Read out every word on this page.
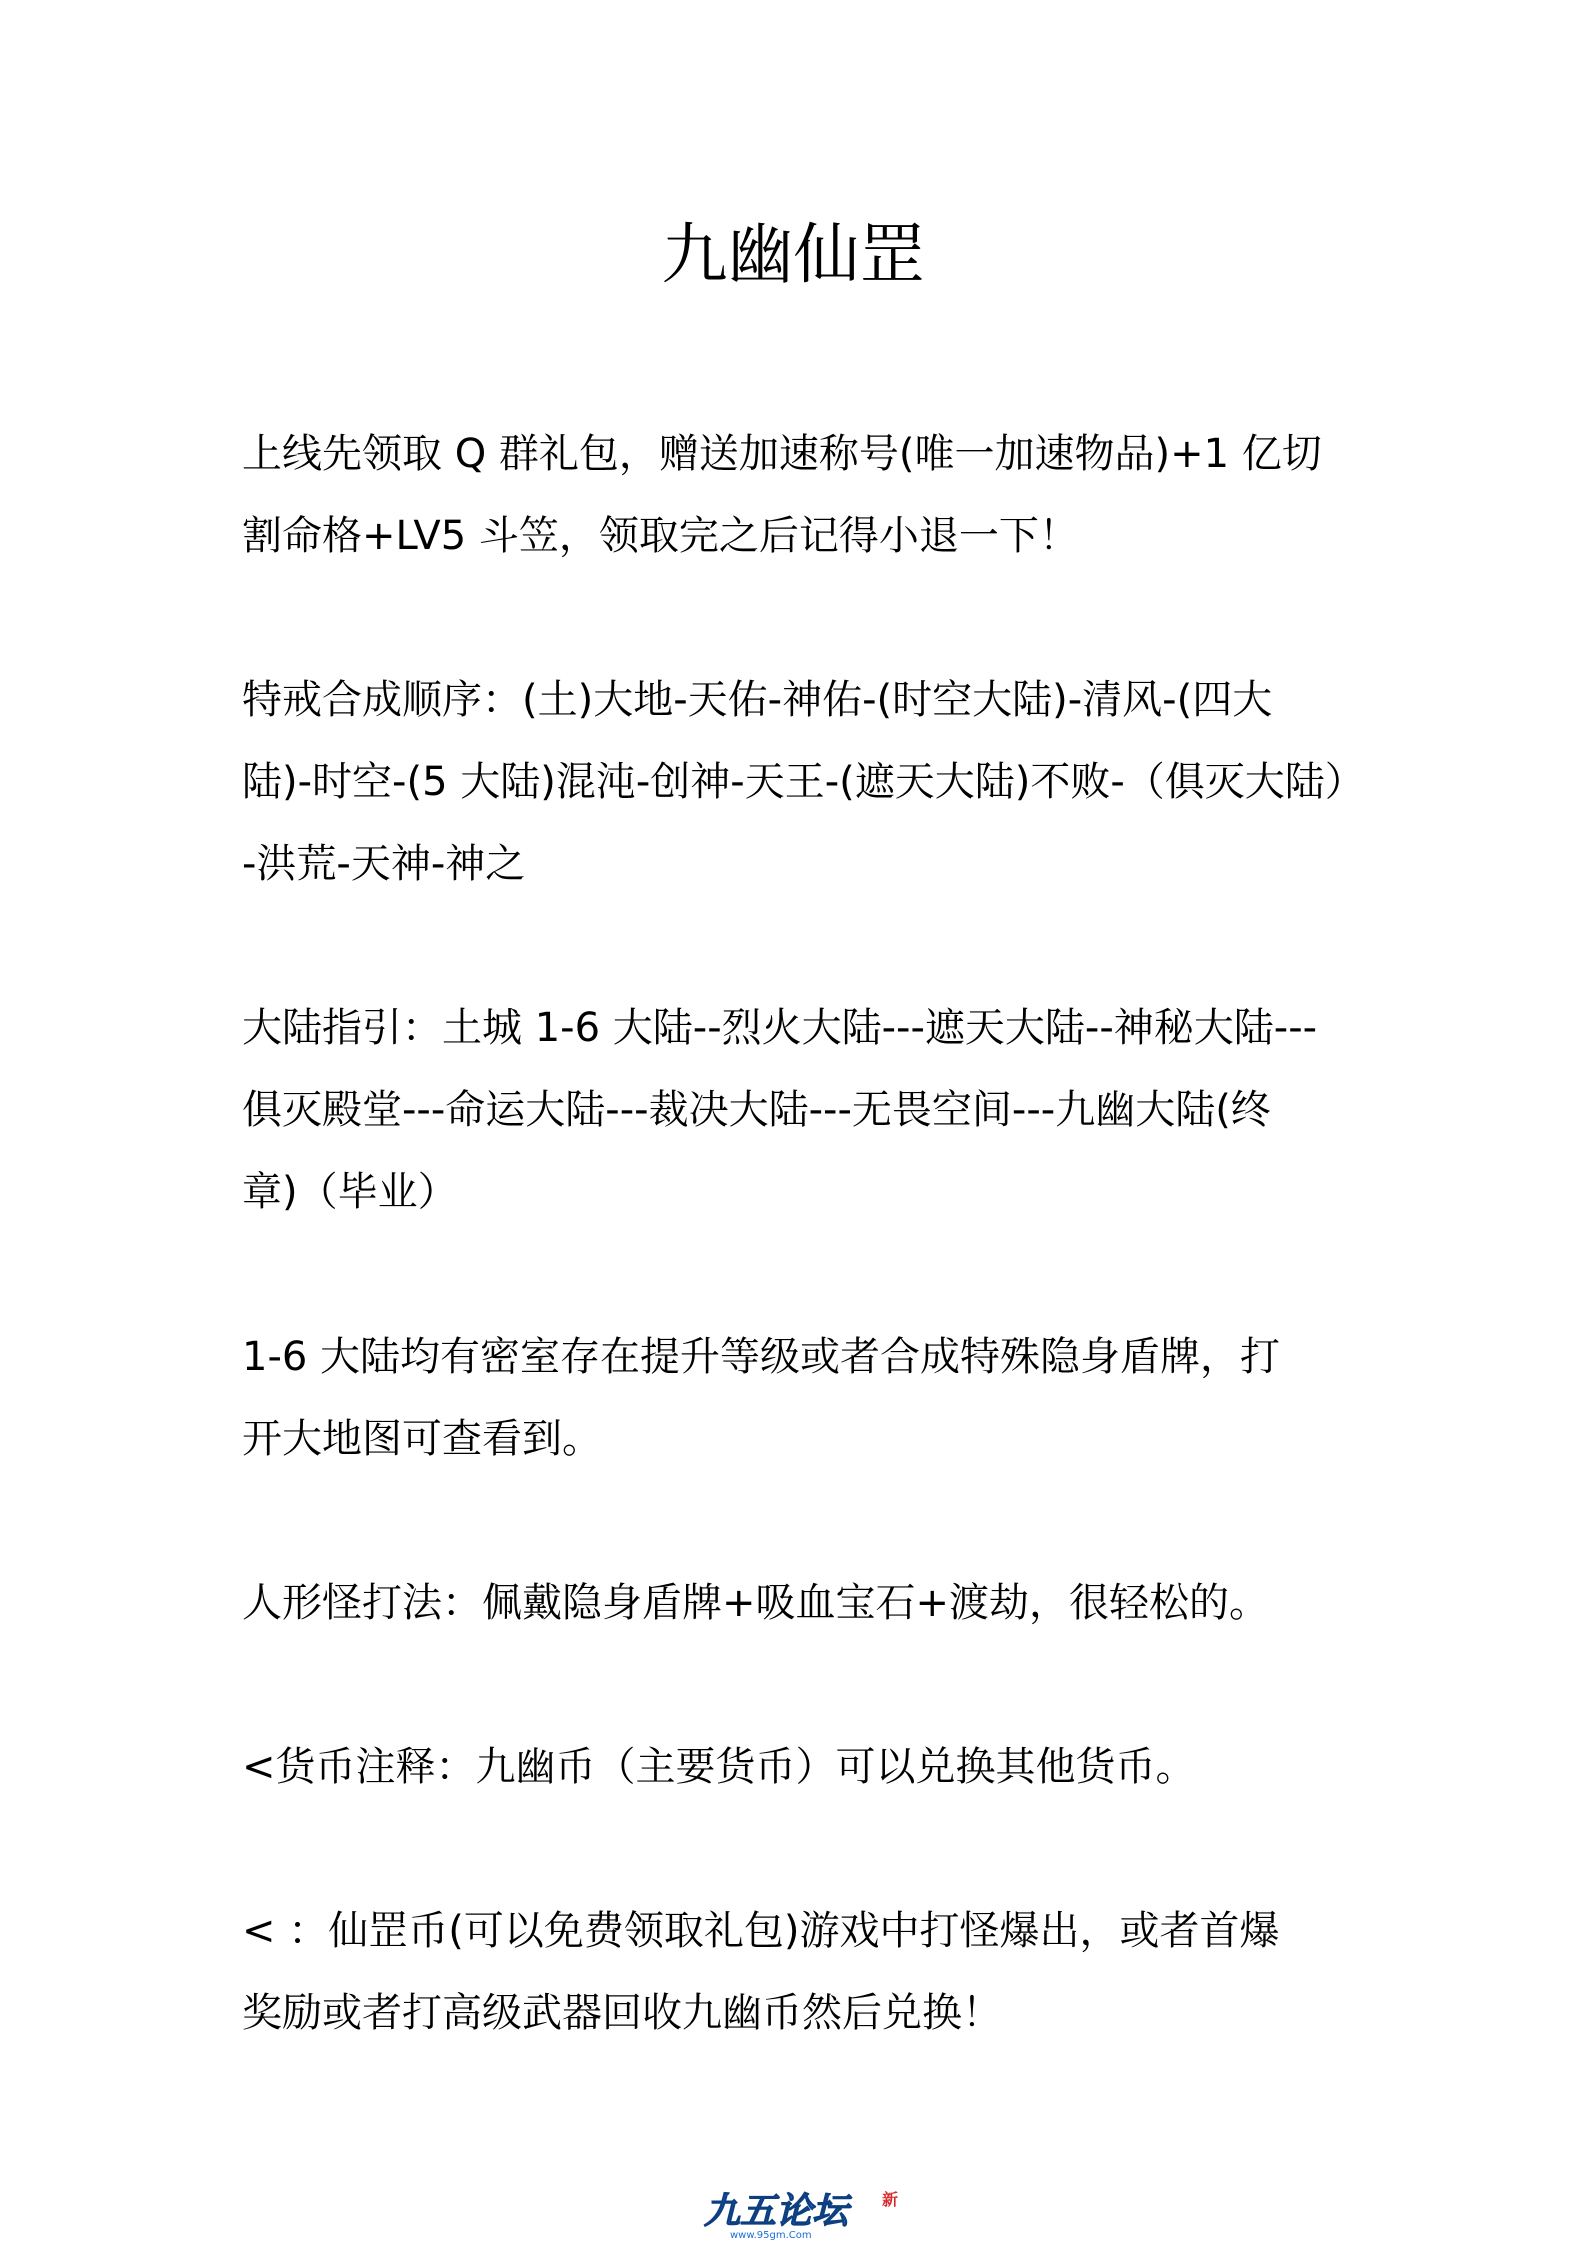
九幽仙罡

上线先领取 Q 群礼包，赠送加速称号(唯一加速物品)+1 亿切
割命格+LV5 斗笠，领取完之后记得小退一下！

特戒合成顺序：(土)大地-天佑-神佑-(时空大陆)-清风-(四大
陆)-时空-(5 大陆)混沌-创神-天王-(遮天大陆)不败-（俱灭大陆）
-洪荒-天神-神之

大陆指引：土城 1-6 大陆--烈火大陆---遮天大陆--神秘大陆---
俱灭殿堂---命运大陆---裁决大陆---无畏空间---九幽大陆(终
章)（毕业）

1-6 大陆均有密室存在提升等级或者合成特殊隐身盾牌，打
开大地图可查看到。

人形怪打法：佩戴隐身盾牌+吸血宝石+渡劫，很轻松的。

<货币注释：九幽币（主要货币）可以兑换其他货币。

< ：仙罡币(可以免费领取礼包)游戏中打怪爆出，或者首爆
奖励或者打高级武器回收九幽币然后兑换！

九五论坛
www.95gm.Com
新
